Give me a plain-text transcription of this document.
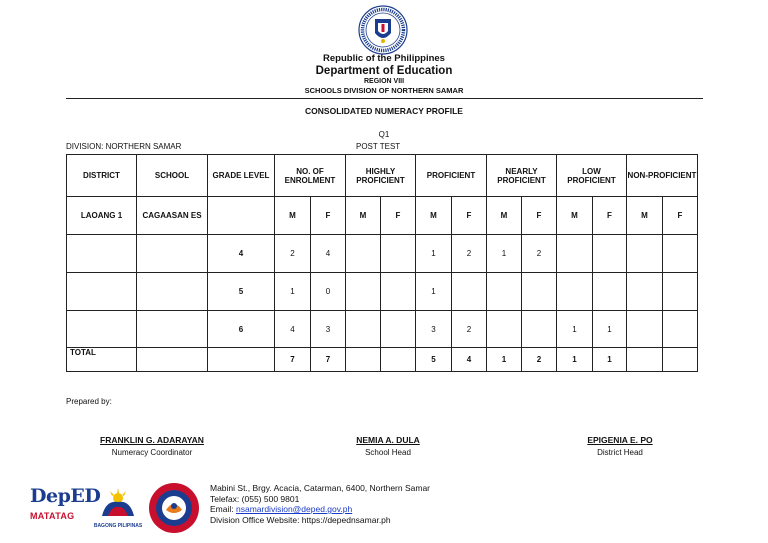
Republic of the Philippines
Department of Education
REGION VIII
SCHOOLS DIVISION OF NORTHERN SAMAR
CONSOLIDATED NUMERACY PROFILE
Q1
POST TEST
DIVISION: NORTHERN SAMAR
DISTRICT	SCHOOL	GRADE LEVEL	NO. OF ENROLMENT		HIGHLY PROFICIENT		PROFICIENT		NEARLY PROFICIENT		LOW PROFICIENT		NON-PROFICIENT	
LAOANG 1	CAGAASAN ES		M	F	M	F	M	F	M	F	M	F	M	F
		4	2	4			1	2	1	2				
		5	1	0			1							
		6	4	3			3	2			1	1		
TOTAL			7	7			5	4	1	2	1	1		
Prepared by:
FRANKLIN G. ADARAYAN
Numeracy Coordinator
NEMIA A. DULA
School Head
EPIGENIA E. PO
District Head
DepED
MATATAG
BAGONG PILIPINAS
Mabini St., Brgy. Acacia, Catarman, 6400, Northern Samar
Telefax: (055) 500 9801
Email: nsamardivision@deped.gov.ph
Division Office Website: https://depednsamar.ph
